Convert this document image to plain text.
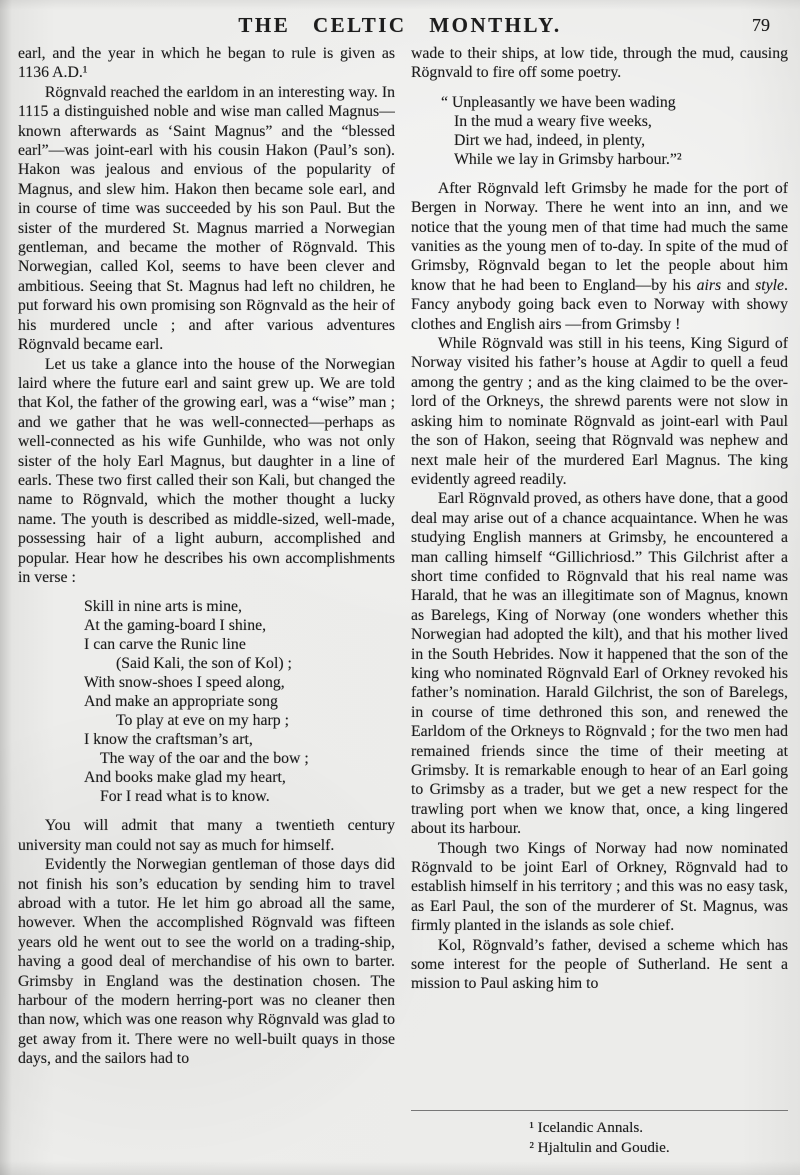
THE CELTIC MONTHLY.	79

earl, and the year in which he began to rule is given as 1136 A.D.¹

Rögnvald reached the earldom in an interesting way. In 1115 a distinguished noble and wise man called Magnus—known afterwards as ‘Saint Magnus” and the “blessed earl”—was joint-earl with his cousin Hakon (Paul’s son). Hakon was jealous and envious of the popularity of Magnus, and slew him. Hakon then became sole earl, and in course of time was succeeded by his son Paul. But the sister of the murdered St. Magnus married a Norwegian gentleman, and became the mother of Rögnvald. This Norwegian, called Kol, seems to have been clever and ambitious. Seeing that St. Magnus had left no children, he put forward his own promising son Rögnvald as the heir of his murdered uncle ; and after various adventures Rögnvald became earl.

Let us take a glance into the house of the Norwegian laird where the future earl and saint grew up. We are told that Kol, the father of the growing earl, was a “wise” man ; and we gather that he was well-connected—perhaps as well-connected as his wife Gunhilde, who was not only sister of the holy Earl Magnus, but daughter in a line of earls. These two first called their son Kali, but changed the name to Rögnvald, which the mother thought a lucky name. The youth is described as middle-sized, well-made, possessing hair of a light auburn, accomplished and popular. Hear how he describes his own accomplishments in verse :

Skill in nine arts is mine,
At the gaming-board I shine,
I can carve the Runic line
(Said Kali, the son of Kol) ;
With snow-shoes I speed along,
And make an appropriate song
To play at eve on my harp ;
I know the craftsman’s art,
The way of the oar and the bow ;
And books make glad my heart,
For I read what is to know.

You will admit that many a twentieth century university man could not say as much for himself.

Evidently the Norwegian gentleman of those days did not finish his son’s education by sending him to travel abroad with a tutor. He let him go abroad all the same, however. When the accomplished Rögnvald was fifteen years old he went out to see the world on a trading-ship, having a good deal of merchandise of his own to barter. Grimsby in England was the destination chosen. The harbour of the modern herring-port was no cleaner then than now, which was one reason why Rögnvald was glad to get away from it. There were no well-built quays in those days, and the sailors had to

wade to their ships, at low tide, through the mud, causing Rögnvald to fire off some poetry.

“ Unpleasantly we have been wading
In the mud a weary five weeks,
Dirt we had, indeed, in plenty,
While we lay in Grimsby harbour.”²

After Rögnvald left Grimsby he made for the port of Bergen in Norway. There he went into an inn, and we notice that the young men of that time had much the same vanities as the young men of to-day. In spite of the mud of Grimsby, Rögnvald began to let the people about him know that he had been to England—by his airs and style. Fancy anybody going back even to Norway with showy clothes and English airs —from Grimsby !

While Rögnvald was still in his teens, King Sigurd of Norway visited his father’s house at Agdir to quell a feud among the gentry ; and as the king claimed to be the over-lord of the Orkneys, the shrewd parents were not slow in asking him to nominate Rögnvald as joint-earl with Paul the son of Hakon, seeing that Rögnvald was nephew and next male heir of the murdered Earl Magnus. The king evidently agreed readily.

Earl Rögnvald proved, as others have done, that a good deal may arise out of a chance acquaintance. When he was studying English manners at Grimsby, he encountered a man calling himself “Gillichriosd.” This Gilchrist after a short time confided to Rögnvald that his real name was Harald, that he was an illegitimate son of Magnus, known as Barelegs, King of Norway (one wonders whether this Norwegian had adopted the kilt), and that his mother lived in the South Hebrides. Now it happened that the son of the king who nominated Rögnvald Earl of Orkney revoked his father’s nomination. Harald Gilchrist, the son of Barelegs, in course of time dethroned this son, and renewed the Earldom of the Orkneys to Rögnvald ; for the two men had remained friends since the time of their meeting at Grimsby. It is remarkable enough to hear of an Earl going to Grimsby as a trader, but we get a new respect for the trawling port when we know that, once, a king lingered about its harbour.

Though two Kings of Norway had now nominated Rögnvald to be joint Earl of Orkney, Rögnvald had to establish himself in his territory ; and this was no easy task, as Earl Paul, the son of the murderer of St. Magnus, was firmly planted in the islands as sole chief.

Kol, Rögnvald’s father, devised a scheme which has some interest for the people of Sutherland. He sent a mission to Paul asking him to

¹ Icelandic Annals.
² Hjaltulin and Goudie.
